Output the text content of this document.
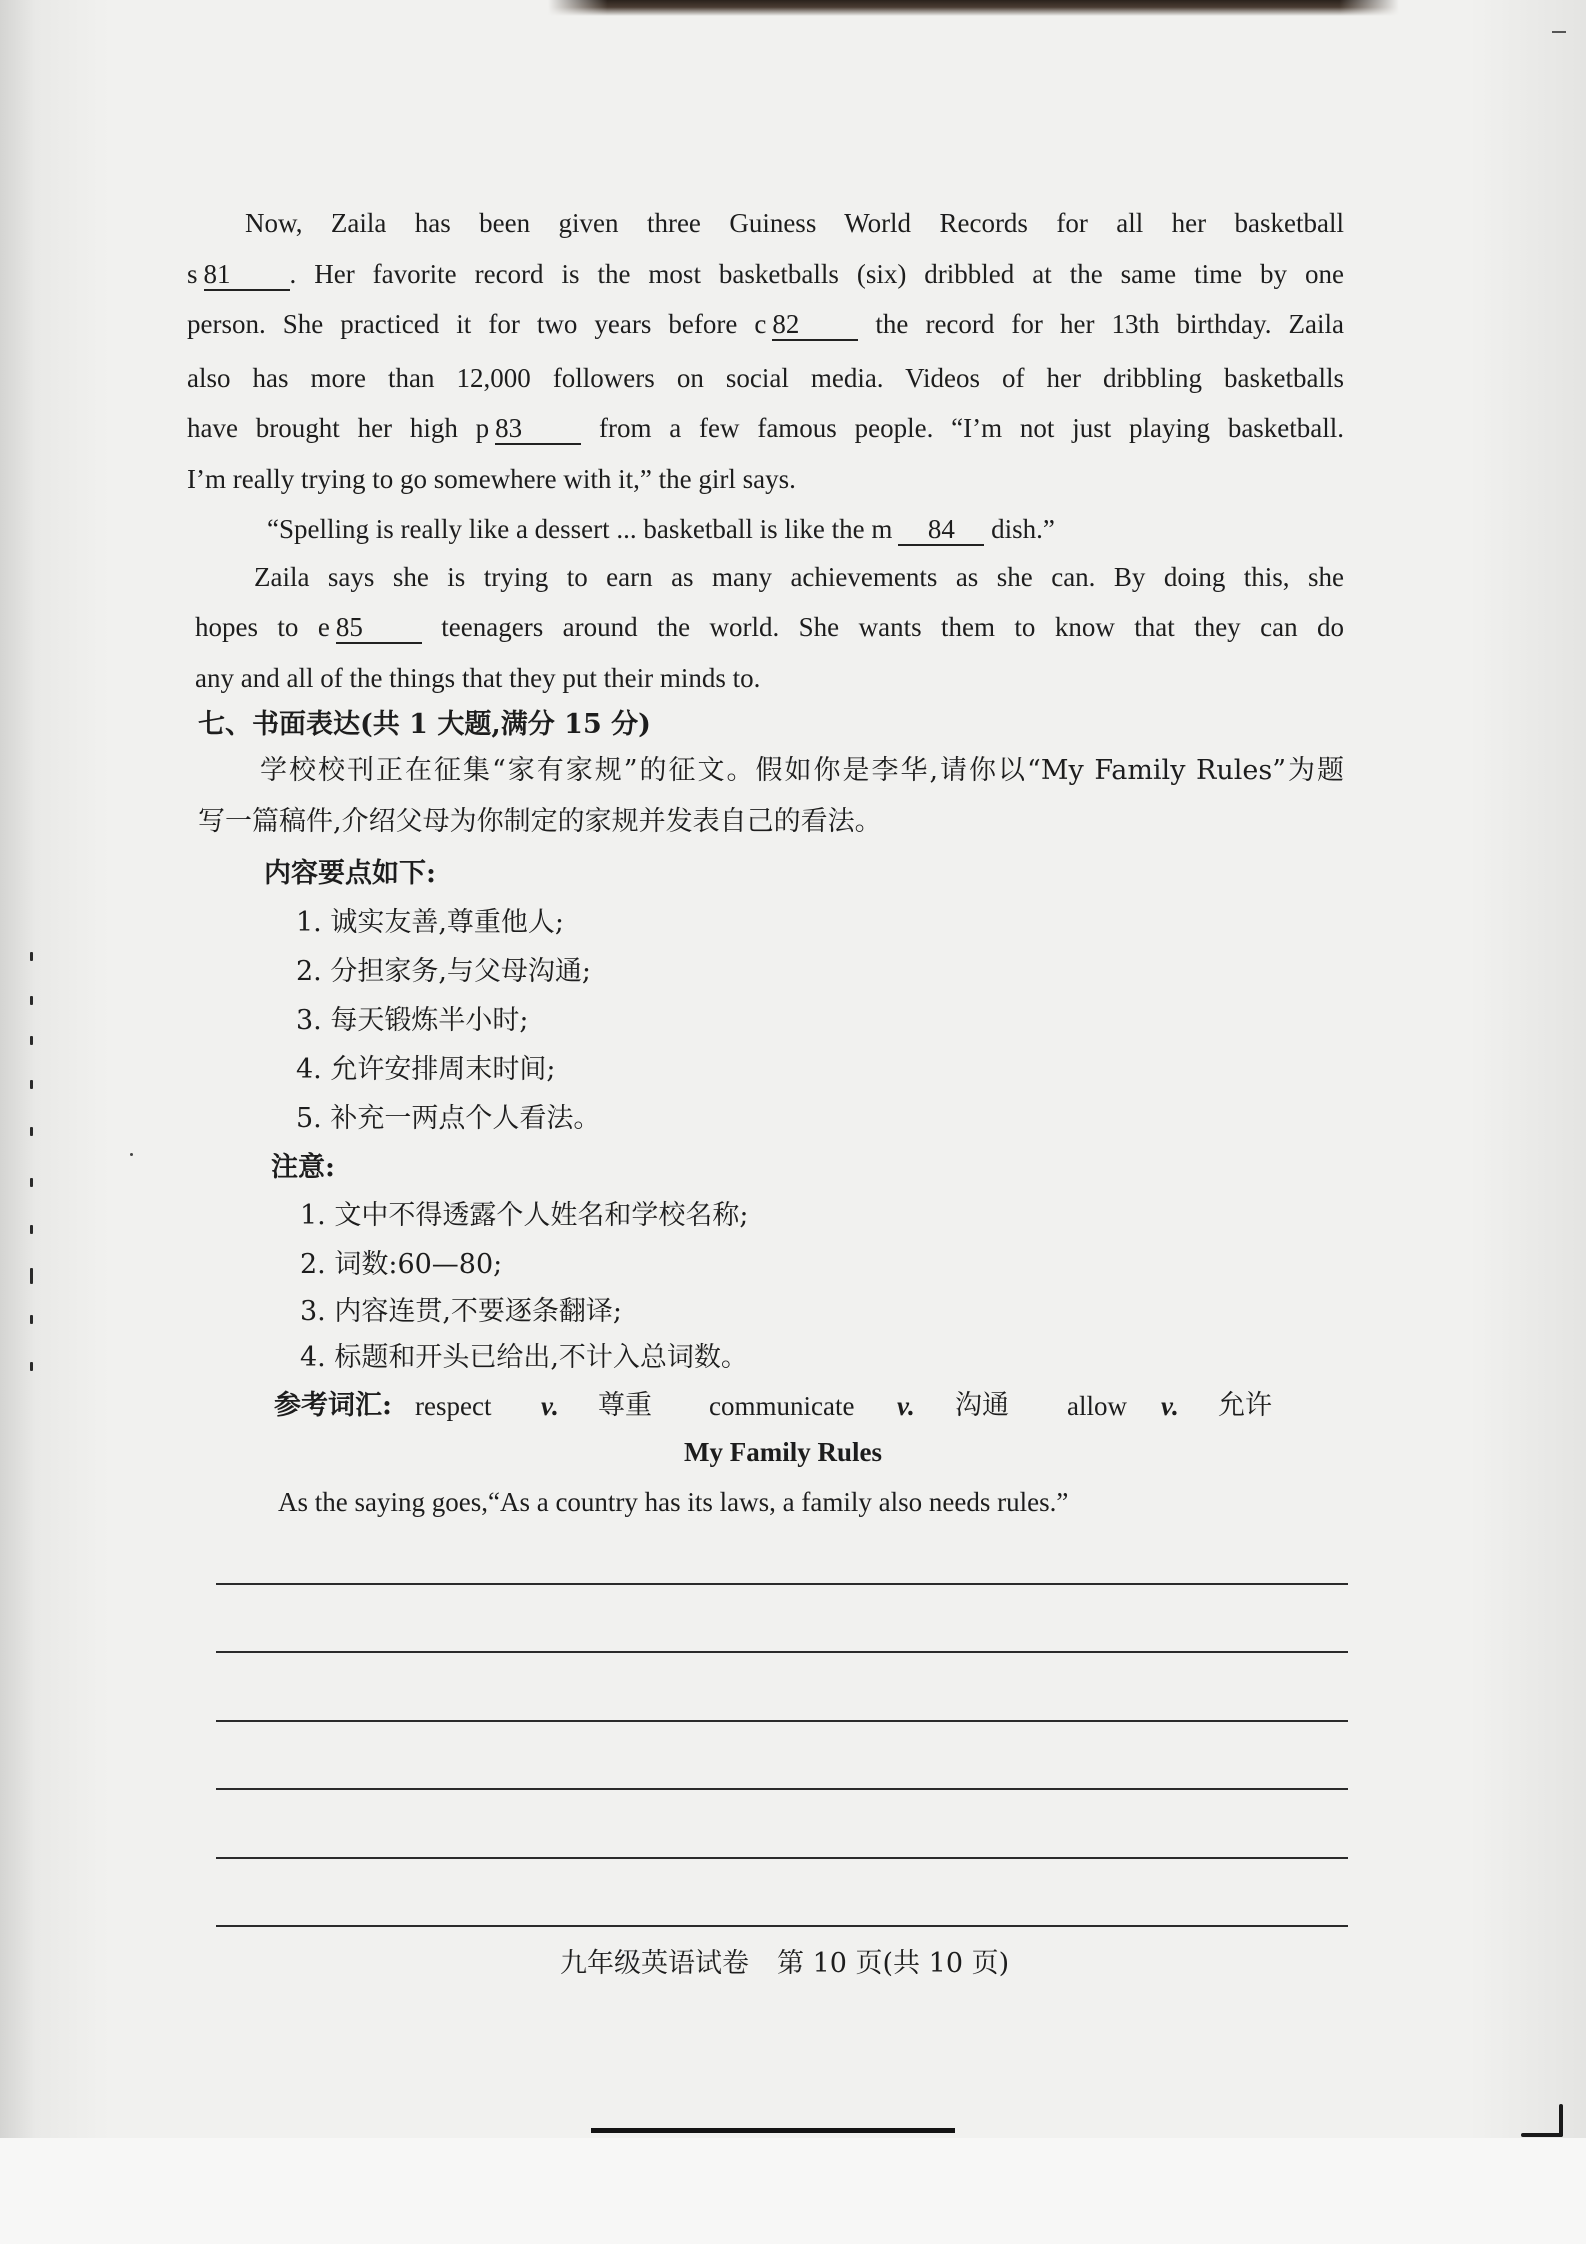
Now, Zaila has been given three Guiness World Records for all her basketball
s 81 . Her favorite record is the most basketballs (six) dribbled at the same time by one
person. She practiced it for two years before c 82	the record for her 13th birthday. Zaila
also has more than 12,000 followers on social media. Videos of her dribbling basketballs
have brought her high p 83	from a few famous people. “I’m not just playing basketball.
I’m really trying to go somewhere with it,” the girl says.
“Spelling is really like a dessert ... basketball is like the m 84 dish.”
Zaila says she is trying to earn as many achievements as she can. By doing this, she
hopes to e 85	teenagers around the world. She wants them to know that they can do
any and all of the things that they put their minds to.
七、书面表达(共 1 大题,满分 15 分)
学校校刊正在征集“家有家规”的征文。假如你是李华,请你以“My Family Rules”为题
写一篇稿件,介绍父母为你制定的家规并发表自己的看法。
内容要点如下:
1. 诚实友善,尊重他人;
2. 分担家务,与父母沟通;
3. 每天锻炼半小时;
4. 允许安排周末时间;
5. 补充一两点个人看法。
注意:
1. 文中不得透露个人姓名和学校名称;
2. 词数:60—80;
3. 内容连贯,不要逐条翻译;
4. 标题和开头已给出,不计入总词数。
参考词汇: respect v. 尊重 communicate v. 沟通 allow v. 允许
My Family Rules
As the saying goes,“As a country has its laws, a family also needs rules.”
九年级英语试卷 第 10 页(共 10 页)
